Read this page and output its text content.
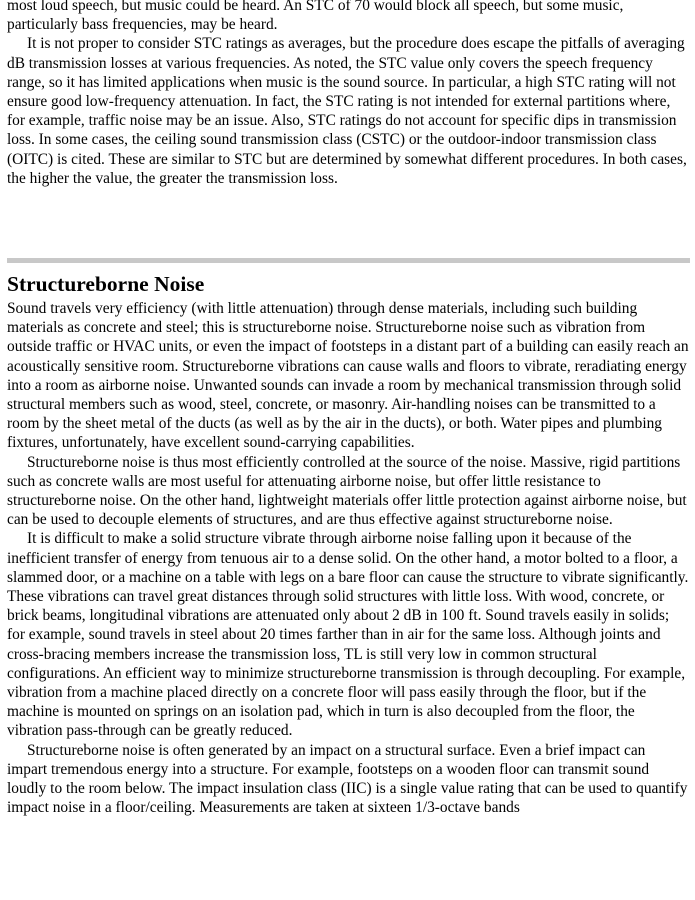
most loud speech, but music could be heard. An STC of 70 would block all speech, but some music, particularly bass frequencies, may be heard.

It is not proper to consider STC ratings as averages, but the procedure does escape the pitfalls of averaging dB transmission losses at various frequencies. As noted, the STC value only covers the speech frequency range, so it has limited applications when music is the sound source. In particular, a high STC rating will not ensure good low-frequency attenuation. In fact, the STC rating is not intended for external partitions where, for example, traffic noise may be an issue. Also, STC ratings do not account for specific dips in transmission loss. In some cases, the ceiling sound transmission class (CSTC) or the outdoor-indoor transmission class (OITC) is cited. These are similar to STC but are determined by somewhat different procedures. In both cases, the higher the value, the greater the transmission loss.

Structureborne Noise

Sound travels very efficiency (with little attenuation) through dense materials, including such building materials as concrete and steel; this is structureborne noise. Structureborne noise such as vibration from outside traffic or HVAC units, or even the impact of footsteps in a distant part of a building can easily reach an acoustically sensitive room. Structureborne vibrations can cause walls and floors to vibrate, reradiating energy into a room as airborne noise. Unwanted sounds can invade a room by mechanical transmission through solid structural members such as wood, steel, concrete, or masonry. Air-handling noises can be transmitted to a room by the sheet metal of the ducts (as well as by the air in the ducts), or both. Water pipes and plumbing fixtures, unfortunately, have excellent sound-carrying capabilities.

Structureborne noise is thus most efficiently controlled at the source of the noise. Massive, rigid partitions such as concrete walls are most useful for attenuating airborne noise, but offer little resistance to structureborne noise. On the other hand, lightweight materials offer little protection against airborne noise, but can be used to decouple elements of structures, and are thus effective against structureborne noise.

It is difficult to make a solid structure vibrate through airborne noise falling upon it because of the inefficient transfer of energy from tenuous air to a dense solid. On the other hand, a motor bolted to a floor, a slammed door, or a machine on a table with legs on a bare floor can cause the structure to vibrate significantly. These vibrations can travel great distances through solid structures with little loss. With wood, concrete, or brick beams, longitudinal vibrations are attenuated only about 2 dB in 100 ft. Sound travels easily in solids; for example, sound travels in steel about 20 times farther than in air for the same loss. Although joints and cross-bracing members increase the transmission loss, TL is still very low in common structural configurations. An efficient way to minimize structureborne transmission is through decoupling. For example, vibration from a machine placed directly on a concrete floor will pass easily through the floor, but if the machine is mounted on springs on an isolation pad, which in turn is also decoupled from the floor, the vibration pass-through can be greatly reduced.

Structureborne noise is often generated by an impact on a structural surface. Even a brief impact can impart tremendous energy into a structure. For example, footsteps on a wooden floor can transmit sound loudly to the room below. The impact insulation class (IIC) is a single value rating that can be used to quantify impact noise in a floor/ceiling. Measurements are taken at sixteen 1/3-octave bands
